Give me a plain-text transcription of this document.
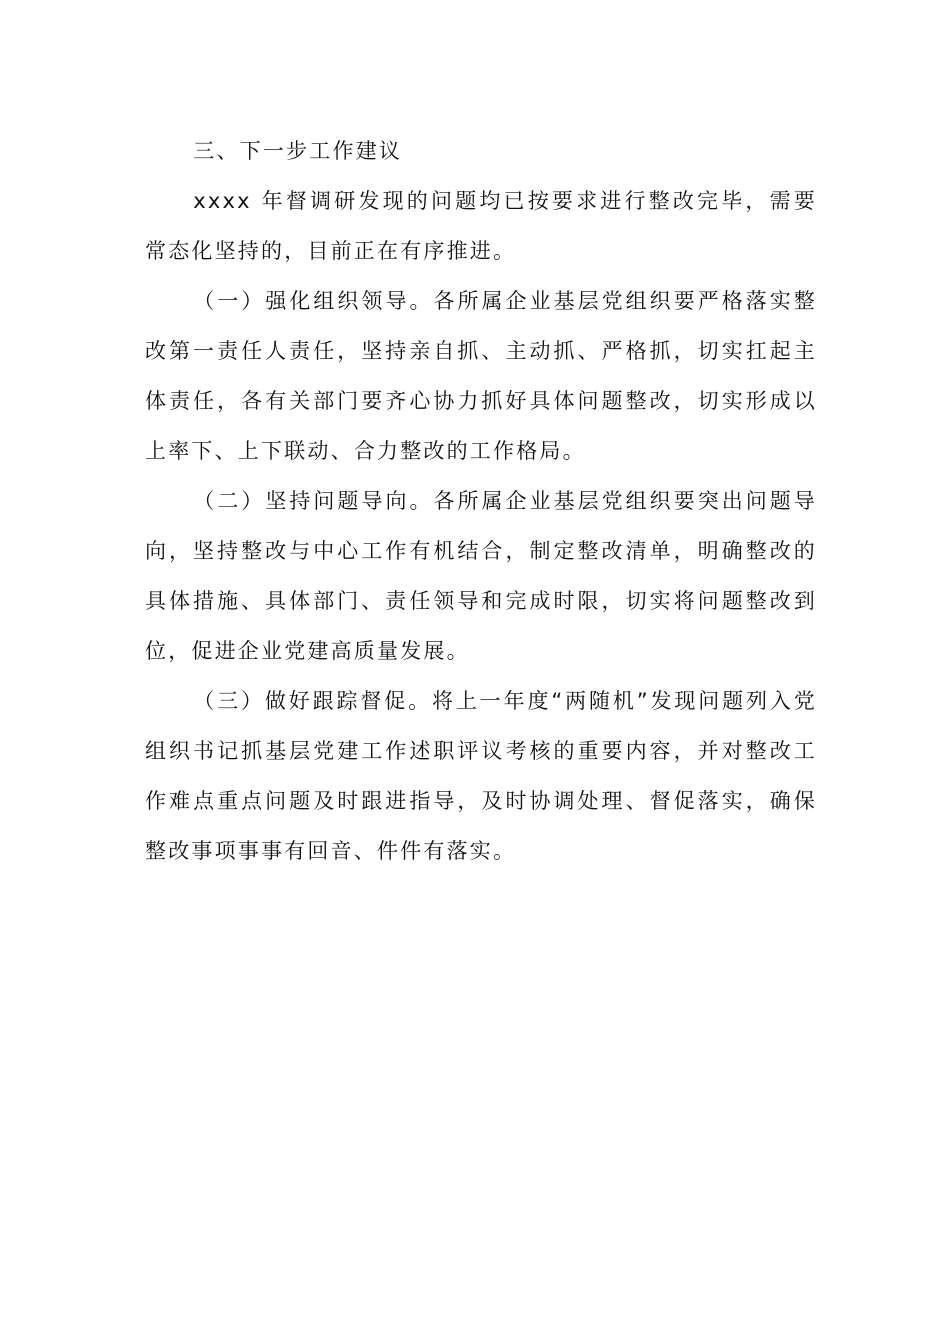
三、下一步工作建议

xxxx 年督调研发现的问题均已按要求进行整改完毕，需要常态化坚持的，目前正在有序推进。

（一）强化组织领导。各所属企业基层党组织要严格落实整改第一责任人责任，坚持亲自抓、主动抓、严格抓，切实扛起主体责任，各有关部门要齐心协力抓好具体问题整改，切实形成以上率下、上下联动、合力整改的工作格局。

（二）坚持问题导向。各所属企业基层党组织要突出问题导向，坚持整改与中心工作有机结合，制定整改清单，明确整改的具体措施、具体部门、责任领导和完成时限，切实将问题整改到位，促进企业党建高质量发展。

（三）做好跟踪督促。将上一年度“两随机”发现问题列入党组织书记抓基层党建工作述职评议考核的重要内容，并对整改工作难点重点问题及时跟进指导，及时协调处理、督促落实，确保整改事项事事有回音、件件有落实。
